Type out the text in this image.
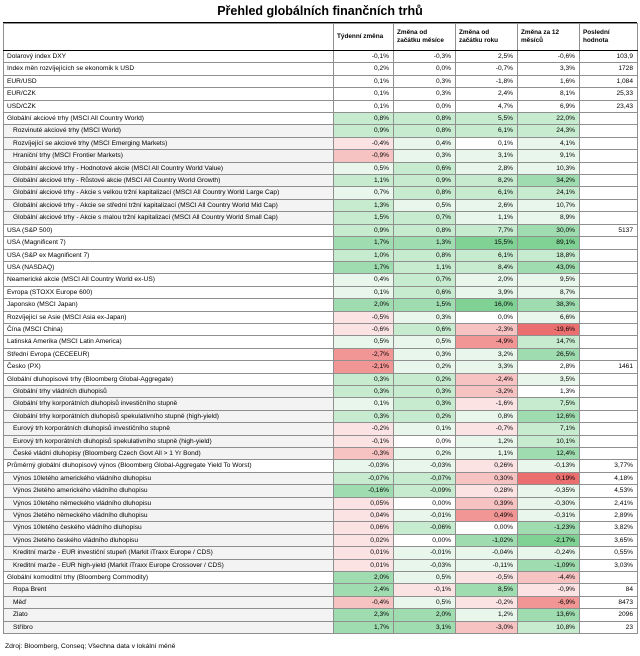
Přehled globálních finančních trhů
	Týdenní změna	Změna od začátku měsíce	Změna od začátku roku	Změna za 12 měsíců	Poslední hodnota
Dolarový index DXY	-0,1%	-0,3%	2,5%	-0,6%	103,9
Index měn rozvíjejících se ekonomik k USD	0,2%	0,0%	-0,7%	3,3%	1728
EUR/USD	0,1%	0,3%	-1,8%	1,6%	1,084
EUR/CZK	0,1%	0,3%	2,4%	8,1%	25,33
USD/CZK	0,1%	0,0%	4,7%	6,9%	23,43
Globální akciové trhy (MSCI All Country World)	0,8%	0,8%	5,5%	22,0%	
Rozvinuté akciové trhy (MSCI World)	0,9%	0,8%	6,1%	24,3%	
Rozvíjející se akciové trhy (MSCI Emerging Markets)	-0,4%	0,4%	0,1%	4,1%	
Hraniční trhy (MSCI Frontier Markets)	-0,9%	0,3%	3,1%	9,1%	
Globální akciové trhy - Hodnotové akcie (MSCI All Country World Value)	0,5%	0,6%	2,8%	10,3%	
Globální akciové trhy - Růstové akcie (MSCI All Country World Growth)	1,1%	0,9%	8,2%	34,2%	
Globální akciové trhy - Akcie s velkou tržní kapitalizací (MSCI All Country World Large Cap)	0,7%	0,8%	6,1%	24,1%	
Globální akciové trhy - Akcie se střední tržní kapitalizací (MSCI All Country World Mid Cap)	1,3%	0,5%	2,6%	10,7%	
Globální akciové trhy - Akcie s malou tržní kapitalizací (MSCI All Country World Small Cap)	1,5%	0,7%	1,1%	8,9%	
USA (S&P 500)	0,9%	0,8%	7,7%	30,0%	5137
USA (Magnificent 7)	1,7%	1,3%	15,5%	89,1%	
USA (S&P ex Magnificent 7)	1,0%	0,8%	6,1%	18,8%	
USA (NASDAQ)	1,7%	1,1%	8,4%	43,0%	
Neamerické akcie (MSCI All Country World ex-US)	0,4%	0,7%	2,0%	9,5%	
Evropa (STOXX Europe 600)	0,1%	0,6%	3,9%	8,7%	
Japonsko (MSCI Japan)	2,0%	1,5%	16,0%	38,3%	
Rozvíjející se Asie (MSCI Asia ex-Japan)	-0,5%	0,3%	0,0%	6,6%	
Čína (MSCI China)	-0,6%	0,6%	-2,3%	-19,6%	
Latinská Amerika (MSCI Latin America)	0,5%	0,5%	-4,9%	14,7%	
Střední Evropa (CECEEUR)	-2,7%	0,3%	3,2%	26,5%	
Česko (PX)	-2,1%	0,2%	3,3%	2,8%	1461
Globální dluhopisové trhy (Bloomberg Global-Aggregate)	0,3%	0,2%	-2,4%	3,5%	
Globální trhy vládních dluhopisů	0,3%	0,3%	-3,2%	1,3%	
Globální trhy korporátních dluhopisů investičního stupně	0,1%	0,3%	-1,6%	7,5%	
Globální trhy korporátních dluhopisů spekulativního stupně (high-yield)	0,3%	0,2%	0,8%	12,6%	
Eurový trh korporátních dluhopisů investičního stupně	-0,2%	0,1%	-0,7%	7,1%	
Eurový trh korporátních dluhopisů spekulativního stupně (high-yield)	-0,1%	0,0%	1,2%	10,1%	
České vládní dluhopisy (Bloomberg Czech Govt All > 1 Yr Bond)	-0,3%	0,2%	1,1%	12,4%	
Průměrný globální dluhopisový výnos (Bloomberg Global-Aggregate Yield To Worst)	-0,03%	-0,03%	0,26%	-0,13%	3,77%
Výnos 10letého amerického vládního dluhopisu	-0,07%	-0,07%	0,30%	0,19%	4,18%
Výnos 2letého amerického vládního dluhopisu	-0,16%	-0,09%	0,28%	-0,35%	4,53%
Výnos 10letého německého vládního dluhopisu	0,05%	0,00%	0,39%	-0,30%	2,41%
Výnos 2letého německého vládního dluhopisu	0,04%	-0,01%	0,49%	-0,31%	2,89%
Výnos 10letého českého vládního dluhopisu	0,06%	-0,06%	0,00%	-1,23%	3,82%
Výnos 2letého českého vládního dluhopisu	0,02%	0,00%	-1,02%	-2,17%	3,65%
Kreditní marže - EUR investiční stupeň (Markit iTraxx Europe / CDS)	0,01%	-0,01%	-0,04%	-0,24%	0,55%
Kreditní marže - EUR high-yield (Markit iTraxx Europe Crossover / CDS)	0,01%	-0,03%	-0,11%	-1,09%	3,03%
Globální komoditní trhy (Bloomberg Commodity)	2,0%	0,5%	-0,5%	-4,4%	
Ropa Brent	2,4%	-0,1%	8,5%	-0,9%	84
Měď	-0,4%	0,5%	-0,2%	-6,9%	8473
Zlato	2,3%	2,0%	1,2%	13,6%	2096
Stříbro	1,7%	3,1%	-3,0%	10,8%	23
Zdroj: Bloomberg, Conseq; Všechna data v lokální měně
